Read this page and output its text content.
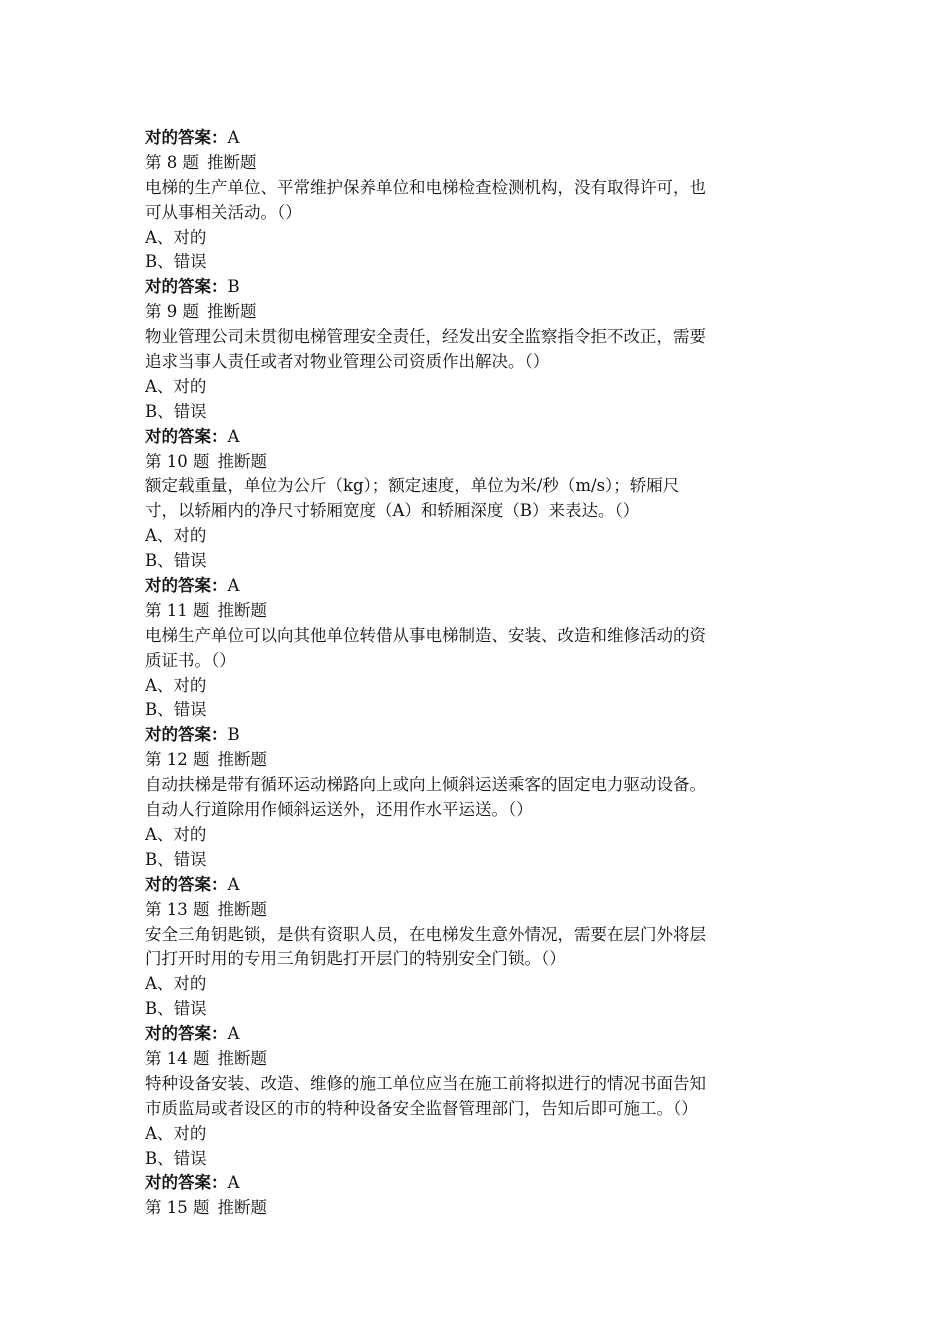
对的答案：A
第 8 题 推断题
电梯的生产单位、平常维护保养单位和电梯检查检测机构，没有取得许可，也
可从事相关活动。（）
A、对的
B、错误
对的答案：B
第 9 题 推断题
物业管理公司未贯彻电梯管理安全责任，经发出安全监察指令拒不改正，需要
追求当事人责任或者对物业管理公司资质作出解决。（）
A、对的
B、错误
对的答案：A
第 10 题 推断题
额定载重量，单位为公斤（kg）；额定速度，单位为米/秒（m/s）；轿厢尺
寸，以轿厢内的净尺寸轿厢宽度（A）和轿厢深度（B）来表达。（）
A、对的
B、错误
对的答案：A
第 11 题 推断题
电梯生产单位可以向其他单位转借从事电梯制造、安装、改造和维修活动的资
质证书。（）
A、对的
B、错误
对的答案：B
第 12 题 推断题
自动扶梯是带有循环运动梯路向上或向上倾斜运送乘客的固定电力驱动设备。
自动人行道除用作倾斜运送外，还用作水平运送。（）
A、对的
B、错误
对的答案：A
第 13 题 推断题
安全三角钥匙锁，是供有资职人员，在电梯发生意外情况，需要在层门外将层
门打开时用的专用三角钥匙打开层门的特别安全门锁。（）
A、对的
B、错误
对的答案：A
第 14 题 推断题
特种设备安装、改造、维修的施工单位应当在施工前将拟进行的情况书面告知
市质监局或者设区的市的特种设备安全监督管理部门，告知后即可施工。（）
A、对的
B、错误
对的答案：A
第 15 题 推断题
